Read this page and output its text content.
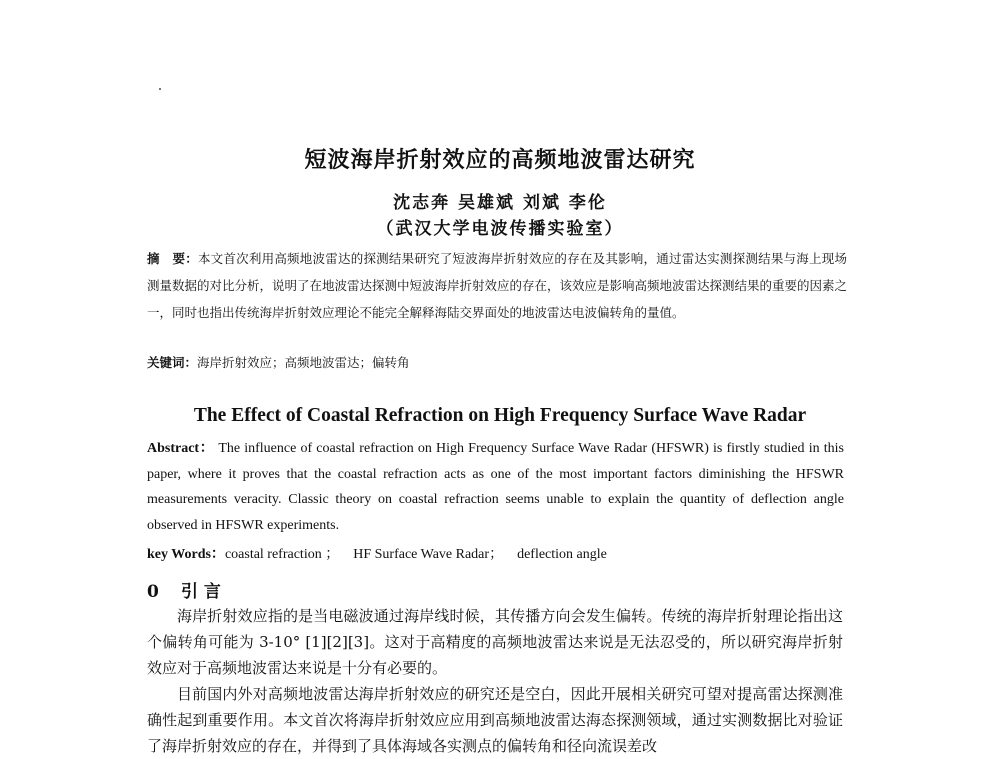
短波海岸折射效应的高频地波雷达研究
沈志奔 吴雄斌 刘斌 李伦
（武汉大学电波传播实验室）
摘　要：本文首次利用高频地波雷达的探测结果研究了短波海岸折射效应的存在及其影响，通过雷达实测探测结果与海上现场测量数据的对比分析，说明了在地波雷达探测中短波海岸折射效应的存在，该效应是影响高频地波雷达探测结果的重要的因素之一，同时也指出传统海岸折射效应理论不能完全解释海陆交界面处的地波雷达电波偏转角的量值。
关键词：海岸折射效应；高频地波雷达；偏转角
The Effect of Coastal Refraction on High Frequency Surface Wave Radar
Abstract： The influence of coastal refraction on High Frequency Surface Wave Radar (HFSWR) is firstly studied in this paper, where it proves that the coastal refraction acts as one of the most important factors diminishing the HFSWR measurements veracity. Classic theory on coastal refraction seems unable to explain the quantity of deflection angle observed in HFSWR experiments.
key Words：coastal refraction ； HF Surface Wave Radar； deflection angle
0 引 言

海岸折射效应指的是当电磁波通过海岸线时候，其传播方向会发生偏转。传统的海岸折射理论指出这个偏转角可能为 3-10° [1][2][3]。这对于高精度的高频地波雷达来说是无法忍受的，所以研究海岸折射效应对于高频地波雷达来说是十分有必要的。

目前国内外对高频地波雷达海岸折射效应的研究还是空白，因此开展相关研究可望对提高雷达探测准确性起到重要作用。本文首次将海岸折射效应应用到高频地波雷达海态探测领域，通过实测数据比对验证了海岸折射效应的存在，并得到了具体海域各实测点的偏转角和径向流误差改
